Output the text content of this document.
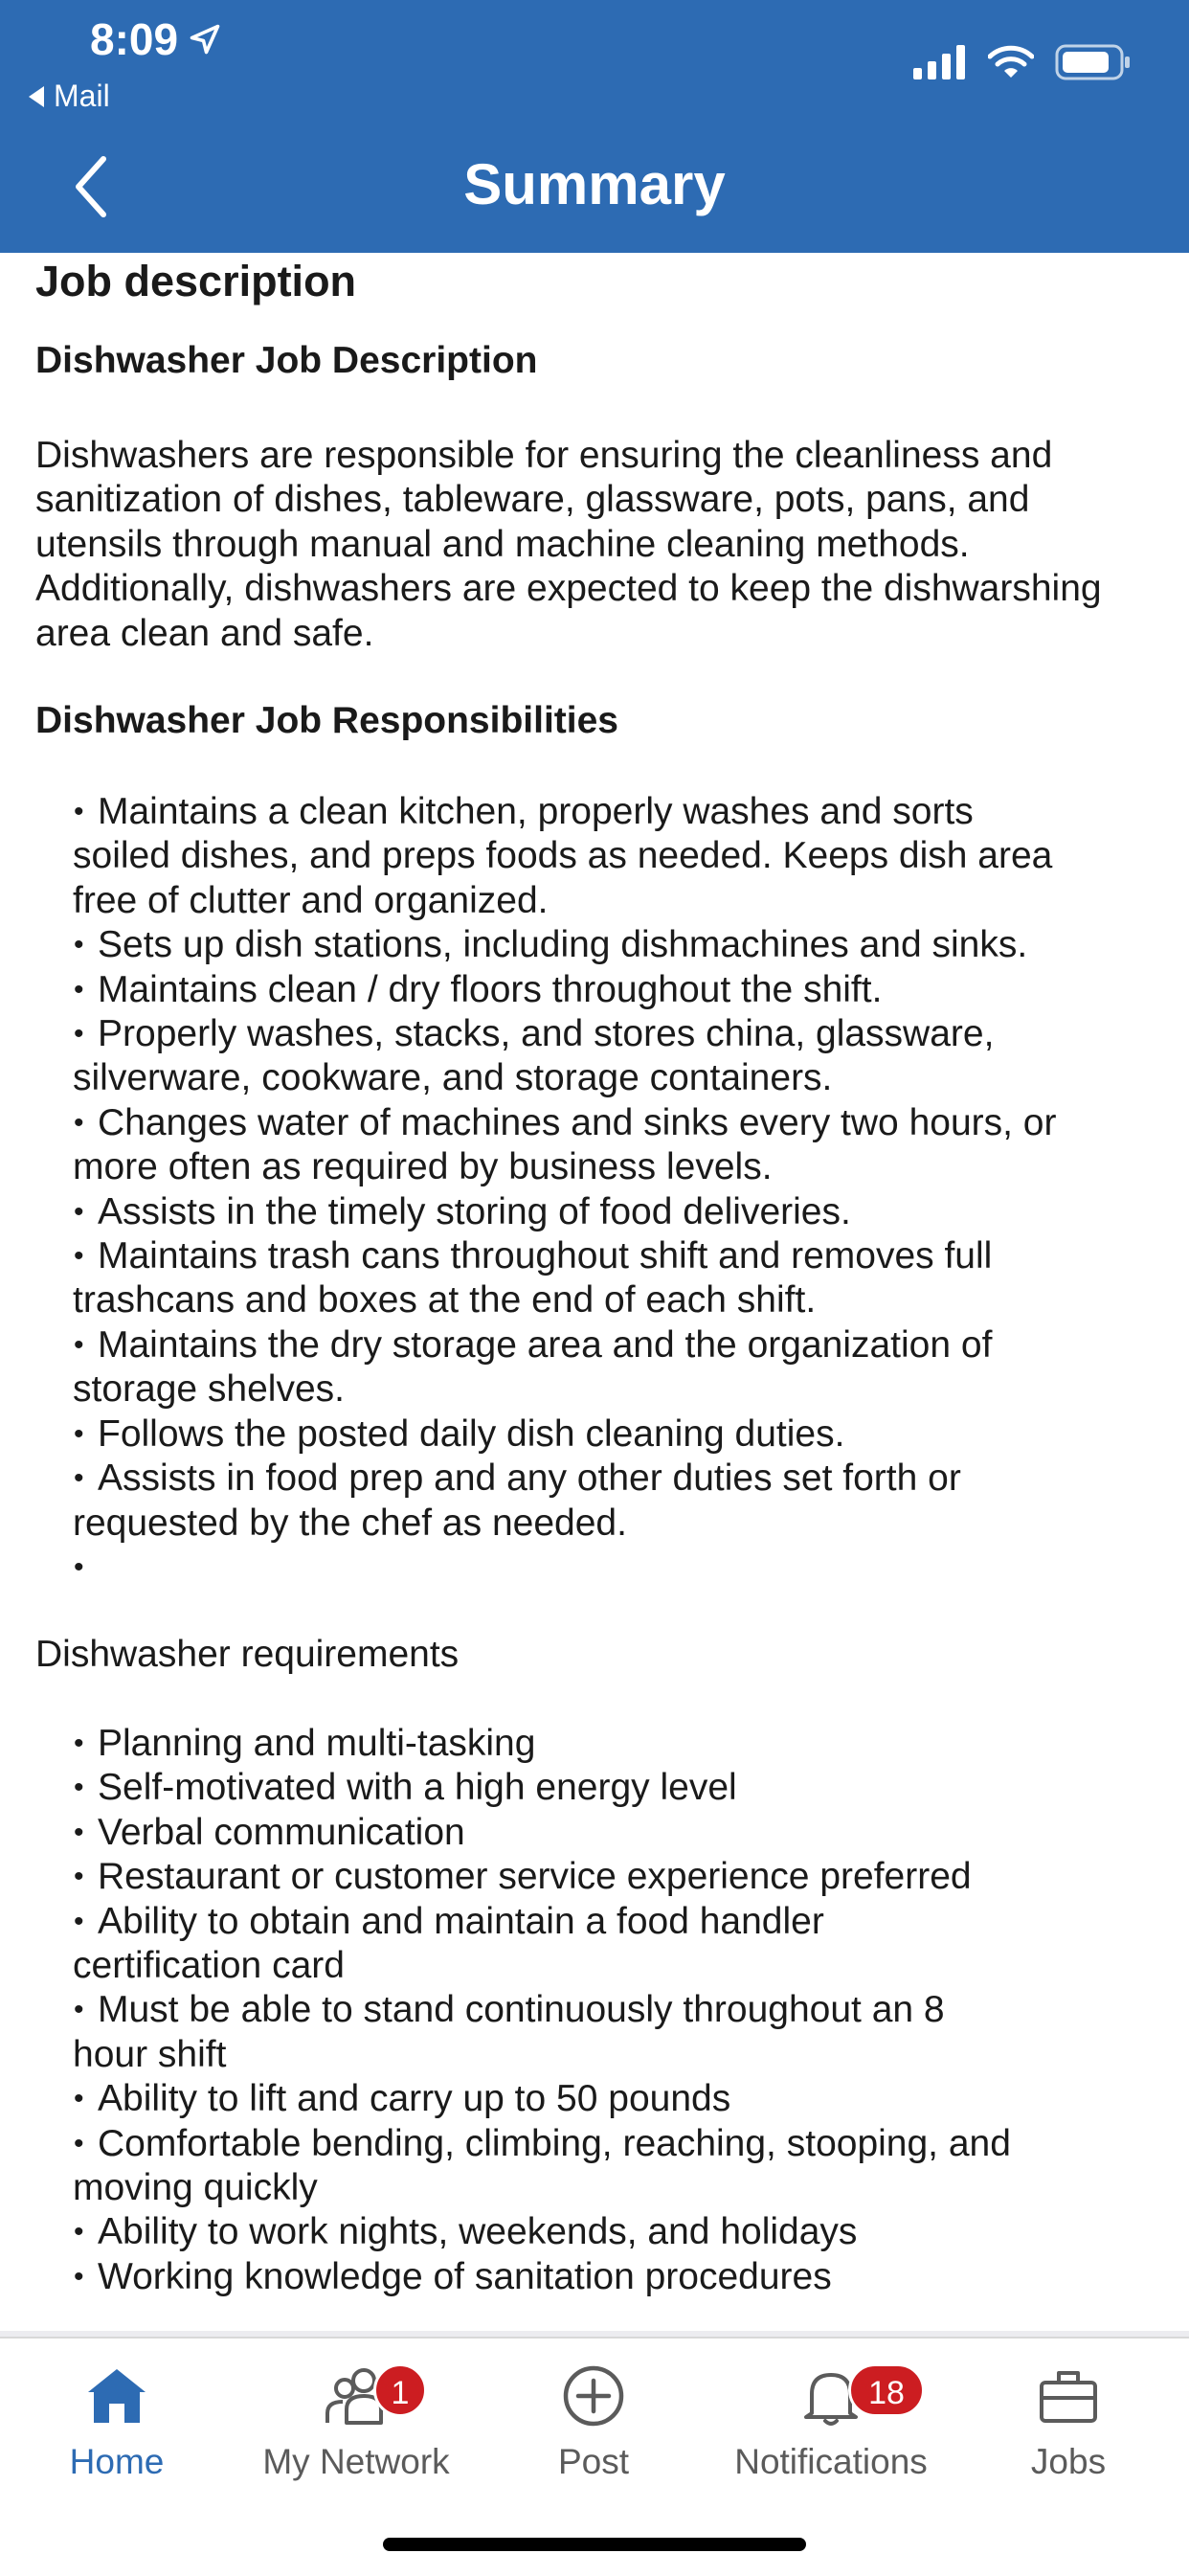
8:09
Mail
Summary
Job description
Dishwasher Job Description
Dishwashers are responsible for ensuring the cleanliness and
sanitization of dishes, tableware, glassware, pots, pans, and
utensils through manual and machine cleaning methods.
Additionally, dishwashers are expected to keep the dishwarshing
area clean and safe.
Dishwasher Job Responsibilities
• Maintains a clean kitchen, properly washes and sorts
soiled dishes, and preps foods as needed. Keeps dish area
free of clutter and organized.
• Sets up dish stations, including dishmachines and sinks.
• Maintains clean / dry floors throughout the shift.
• Properly washes, stacks, and stores china, glassware,
silverware, cookware, and storage containers.
• Changes water of machines and sinks every two hours, or
more often as required by business levels.
• Assists in the timely storing of food deliveries.
• Maintains trash cans throughout shift and removes full
trashcans and boxes at the end of each shift.
• Maintains the dry storage area and the organization of
storage shelves.
• Follows the posted daily dish cleaning duties.
• Assists in food prep and any other duties set forth or
requested by the chef as needed.
•

Dishwasher requirements
• Planning and multi-tasking
• Self-motivated with a high energy level
• Verbal communication
• Restaurant or customer service experience preferred
• Ability to obtain and maintain a food handler
certification card
• Must be able to stand continuously throughout an 8
hour shift
• Ability to lift and carry up to 50 pounds
• Comfortable bending, climbing, reaching, stooping, and
moving quickly
• Ability to work nights, weekends, and holidays
• Working knowledge of sanitation procedures
Home
1
My Network	Post
18
Notifications	Jobs
